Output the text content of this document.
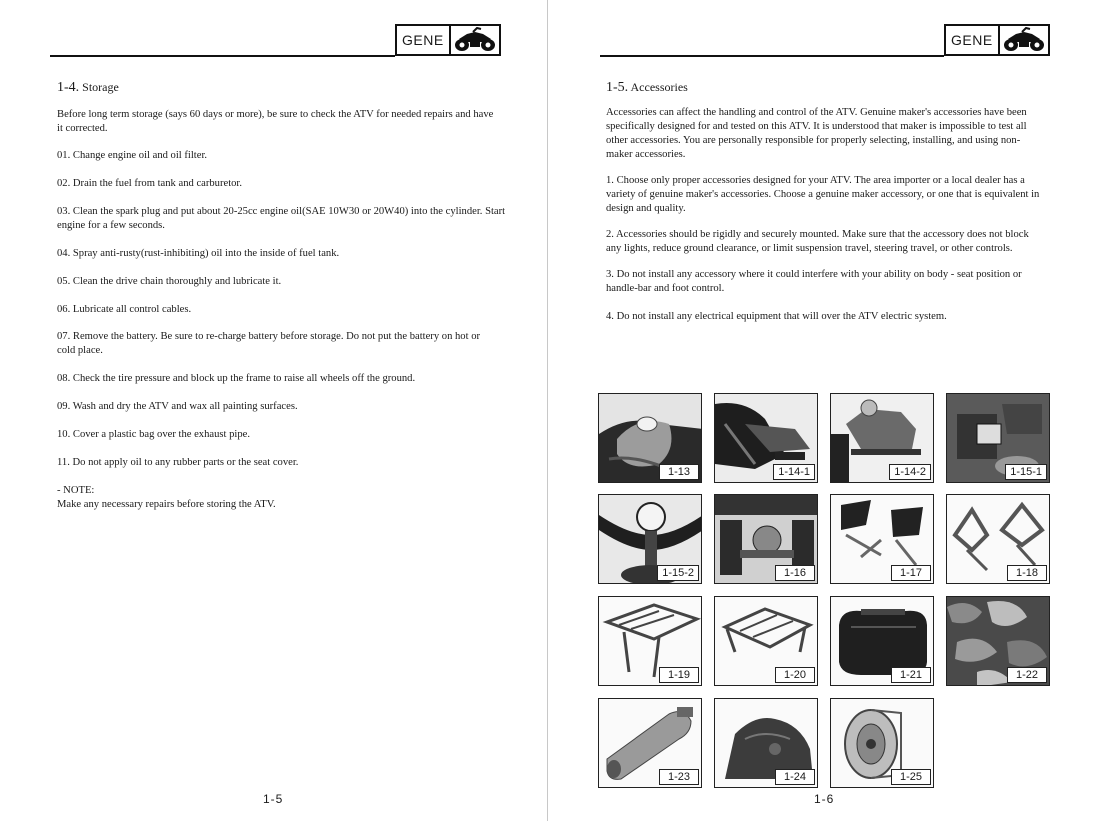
GENE
1-4. Storage

Before long term storage (says 60 days or more), be sure to check the ATV for needed repairs and have it corrected.

01. Change engine oil and oil filter.

02. Drain the fuel from tank and carburetor.

03. Clean the spark plug and put about 20-25cc engine oil(SAE 10W30 or 20W40) into the cylinder. Start engine for a few seconds.

04. Spray anti-rusty(rust-inhibiting) oil into the inside of fuel tank.

05. Clean the drive chain thoroughly and lubricate it.

06. Lubricate all control cables.

07. Remove the battery. Be sure to re-charge battery before storage. Do not put the battery on hot or cold place.

08. Check the tire pressure and block up the frame to raise all wheels off the ground.

09. Wash and dry the ATV and wax all painting surfaces.

10. Cover a plastic bag over the exhaust pipe.

11. Do not apply oil to any rubber parts or the seat cover.

- NOTE:

Make any necessary repairs before storing the ATV.

1-5
GENE
1-5. Accessories

Accessories can affect the handling and control of the ATV. Genuine maker's accessories have been specifically designed for and tested on this ATV. It is understood that maker is impossible to test all other accessories. You are personally responsible for properly selecting, installing, and using non-maker accessories.

1. Choose only proper accessories designed for your ATV. The area importer or a local dealer has a variety of genuine maker's accessories. Choose a genuine maker accessory, or one that is equivalent in design and quality.

2. Accessories should be rigidly and securely mounted. Make sure that the accessory does not block any lights, reduce ground clearance, or limit suspension travel, steering travel, or other controls.

3. Do not install any accessory where it could interfere with your ability on body - seat position or handle-bar and foot control.

4. Do not install any electrical equipment that will over the ATV electric system.

1-13	1-14-1	1-14-2	1-15-1
1-15-2	1-16	1-17	1-18
1-19	1-20	1-21	1-22
1-23	1-24	1-25
1-6
